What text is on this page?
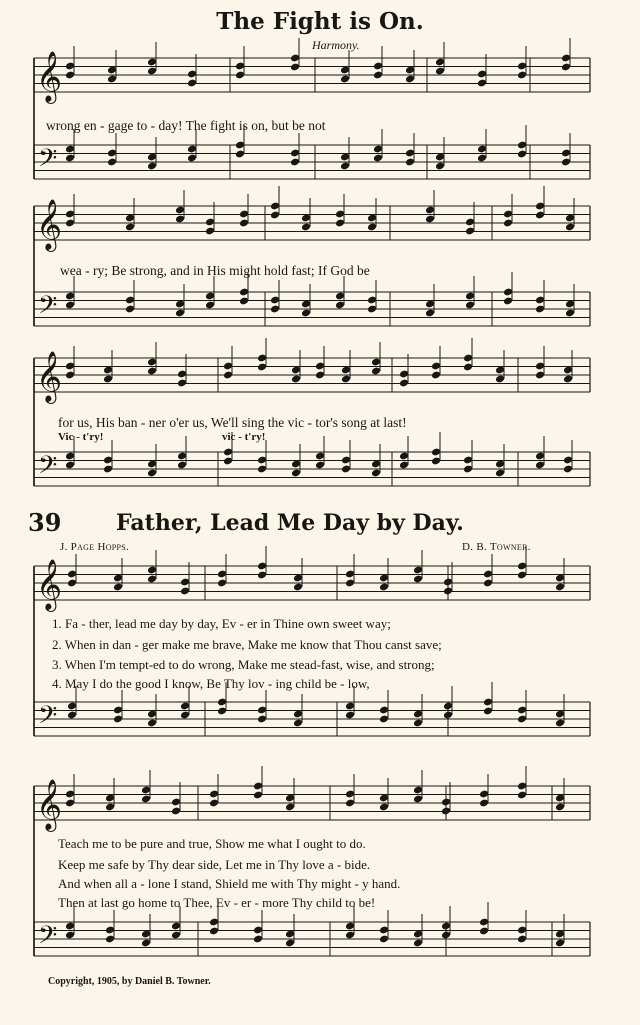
The Fight is On.
Harmony.
𝄞
𝄢
𝄞
𝄢
𝄞
𝄢
𝄞
𝄢
𝄞
𝄢
wrong en - gage to - day! The fight is on, but be not
wea - ry; Be strong, and in His might hold fast; If God be
for us, His ban - ner o'er us, We'll sing the vic - tor's song at last!
Vic - t'ry!	vic - t'ry!
39 Father, Lead Me Day by Day.
J. Page Hopps.	D. B. Towner.
1. Fa - ther, lead me day by day, Ev - er in Thine own sweet way;
2. When in dan - ger make me brave, Make me know that Thou canst save;
3. When I'm tempt-ed to do wrong, Make me stead-fast, wise, and strong;
4. May I do the good I know, Be Thy lov - ing child be - low,
Teach me to be pure and true, Show me what I ought to do.
Keep me safe by Thy dear side, Let me in Thy love a - bide.
And when all a - lone I stand, Shield me with Thy might - y hand.
Then at last go home to Thee, Ev - er - more Thy child to be!
Copyright, 1905, by Daniel B. Towner.
